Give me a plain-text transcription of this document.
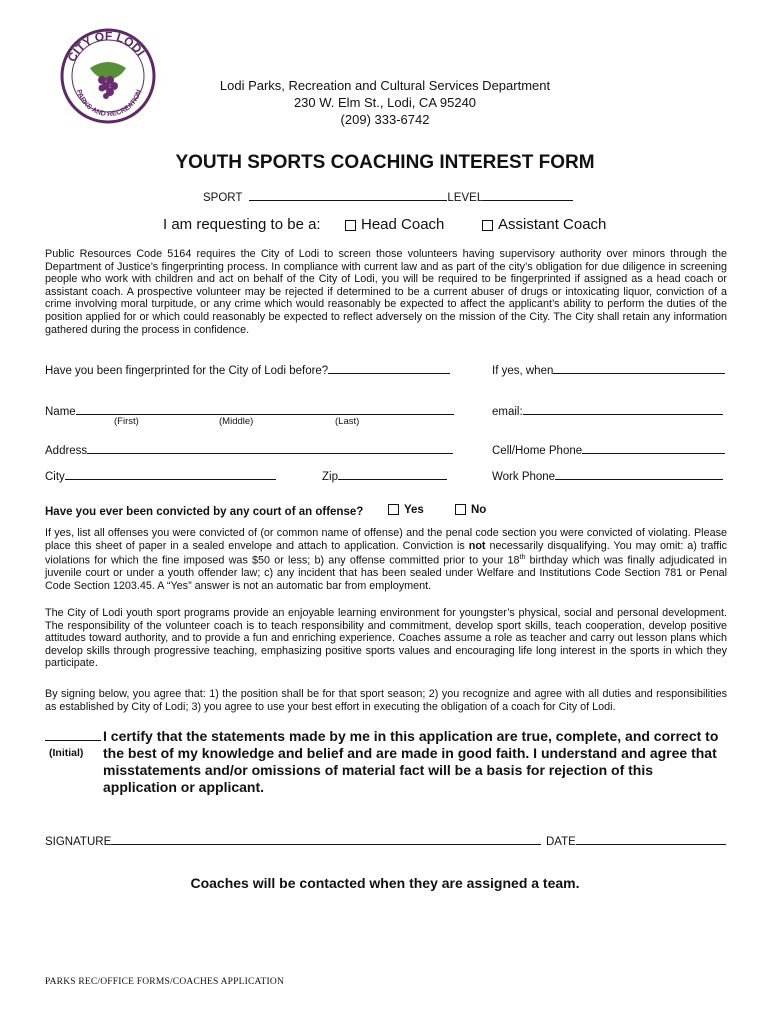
CITY OF LODI
PARKS AND RECREATION	Lodi Parks, Recreation and Cultural Services Department
230 W. Elm St., Lodi, CA 95240
(209) 333-6742
YOUTH SPORTS COACHING INTEREST FORM
SPORT	LEVEL
I am requesting to be a:	Head Coach	Assistant Coach
Public Resources Code 5164 requires the City of Lodi to screen those volunteers having supervisory authority over minors through the Department of Justice’s fingerprinting process. In compliance with current law and as part of the city’s obligation for due diligence in screening people who work with children and act on behalf of the City of Lodi, you will be required to be fingerprinted if assigned as a head coach or assistant coach. A prospective volunteer may be rejected if determined to be a current abuser of drugs or intoxicating liquor, conviction of a crime involving moral turpitude, or any crime which would reasonably be expected to affect the applicant’s ability to perform the duties of the position applied for or which could reasonably be expected to reflect adversely on the mission of the City. The City shall retain any information gathered during the process in confidence.
Have you been fingerprinted for the City of Lodi before?	If yes, when
Name
(First)	(Middle)	(Last)
email:
Address	Cell/Home Phone
City	Zip	Work Phone
Have you ever been convicted by any court of an offense?	Yes	No
If yes, list all offenses you were convicted of (or common name of offense) and the penal code section you were convicted of violating. Please place this sheet of paper in a sealed envelope and attach to application. Conviction is not necessarily disqualifying. You may omit: a) traffic violations for which the fine imposed was $50 or less; b) any offense committed prior to your 18th birthday which was finally adjudicated in juvenile court or under a youth offender law; c) any incident that has been sealed under Welfare and Institutions Code Section 781 or Penal Code Section 1203.45. A “Yes” answer is not an automatic bar from employment.
The City of Lodi youth sport programs provide an enjoyable learning environment for youngster’s physical, social and personal development. The responsibility of the volunteer coach is to teach responsibility and commitment, develop sport skills, teach cooperation, develop positive attitudes toward authority, and to provide a fun and enriching experience. Coaches assume a role as teacher and carry out lesson plans which develop skills through progressive teaching, emphasizing positive sports values and encouraging life long interest in the sports in which they participate.
By signing below, you agree that: 1) the position shall be for that sport season; 2) you recognize and agree with all duties and responsibilities as established by City of Lodi; 3) you agree to use your best effort in executing the obligation of a coach for City of Lodi.
(Initial)
I certify that the statements made by me in this application are true, complete, and correct to the best of my knowledge and belief and are made in good faith. I understand and agree that misstatements and/or omissions of material fact will be a basis for rejection of this application or applicant.
SIGNATURE	DATE
Coaches will be contacted when they are assigned a team.
PARKS REC/OFFICE FORMS/COACHES APPLICATION
